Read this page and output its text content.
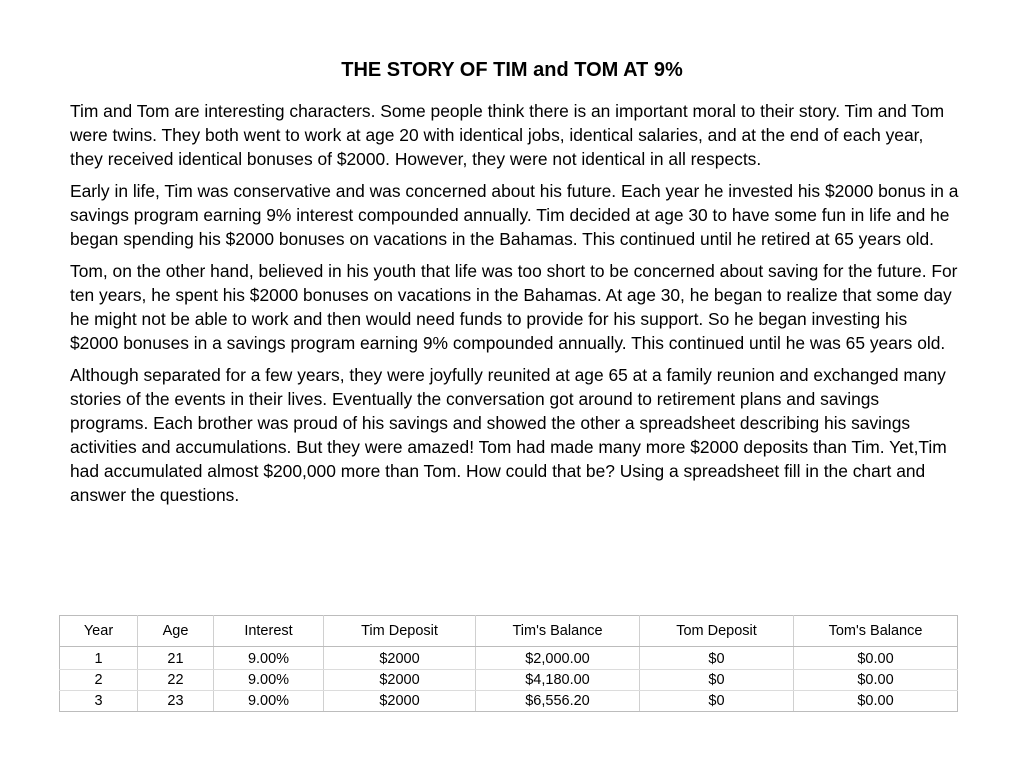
THE STORY OF TIM and TOM AT 9%

Tim and Tom are interesting characters. Some people think there is an important moral to their story. Tim and Tom were twins. They both went to work at age 20 with identical jobs, identical salaries, and at the end of each year, they received identical bonuses of $2000. However, they were not identical in all respects.

Early in life, Tim was conservative and was concerned about his future. Each year he invested his $2000 bonus in a savings program earning 9% interest compounded annually. Tim decided at age 30 to have some fun in life and he began spending his $2000 bonuses on vacations in the Bahamas. This continued until he retired at 65 years old.

Tom, on the other hand, believed in his youth that life was too short to be concerned about saving for the future. For ten years, he spent his $2000 bonuses on vacations in the Bahamas. At age 30, he began to realize that some day he might not be able to work and then would need funds to provide for his support. So he began investing his $2000 bonuses in a savings program earning 9% compounded annually. This continued until he was 65 years old.

Although separated for a few years, they were joyfully reunited at age 65 at a family reunion and exchanged many stories of the events in their lives. Eventually the conversation got around to retirement plans and savings programs. Each brother was proud of his savings and showed the other a spreadsheet describing his savings activities and accumulations. But they were amazed! Tom had made many more $2000 deposits than Tim. Yet,Tim had accumulated almost $200,000 more than Tom. How could that be? Using a spreadsheet fill in the chart and answer the questions.

Year	Age	Interest	Tim Deposit	Tim's Balance	Tom Deposit	Tom's Balance
1	21	9.00%	$2000	$2,000.00	$0	$0.00
2	22	9.00%	$2000	$4,180.00	$0	$0.00
3	23	9.00%	$2000	$6,556.20	$0	$0.00
